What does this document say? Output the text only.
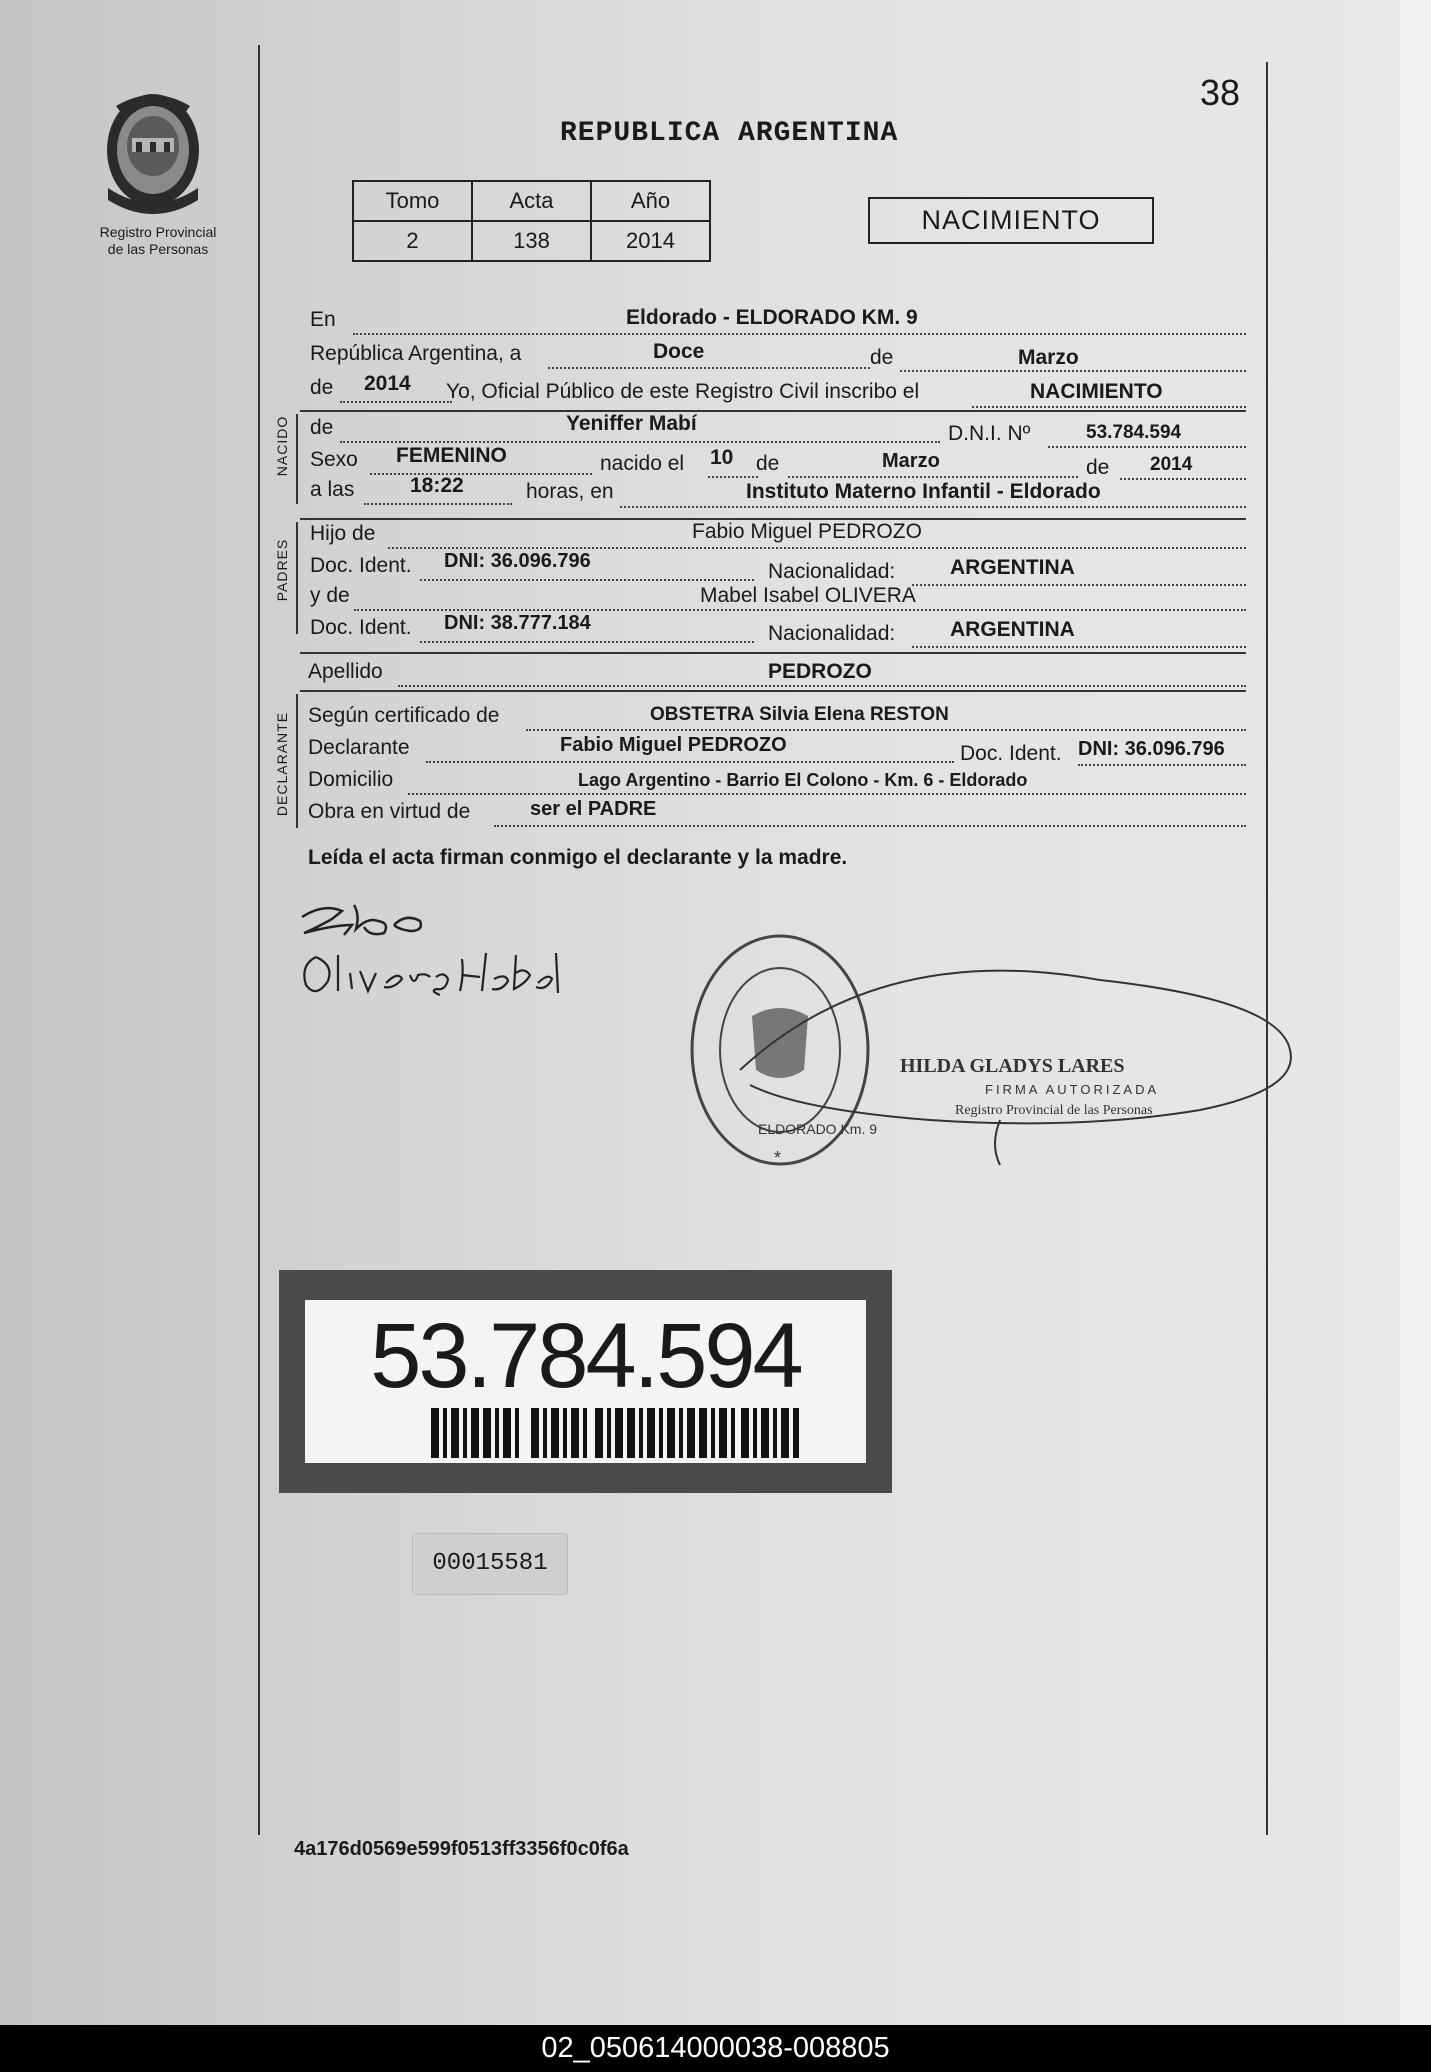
Registro Provincial
de las Personas
38
REPUBLICA ARGENTINA
Tomo	Acta	Año
2	138	2014
NACIMIENTO
En	Eldorado - ELDORADO KM. 9
República Argentina, a	Doce	de	Marzo
de 2014 Yo, Oficial Público de este Registro Civil inscribo el	NACIMIENTO
NACIDO de	Yeniffer Mabí	D.N.I. Nº	53.784.594
Sexo FEMENINO	nacido el 10 de	Marzo	de 2014
a las	18:22	horas, en	Instituto Materno Infantil - Eldorado
PADRES
Hijo de	Fabio Miguel PEDROZO
Doc. Ident. DNI: 36.096.796	Nacionalidad:	ARGENTINA
y de	Mabel Isabel OLIVERA
Doc. Ident. DNI: 38.777.184	Nacionalidad:	ARGENTINA
Apellido	PEDROZO
DECLARANTE Según certificado de	OBSTETRA Silvia Elena RESTON
Declarante	Fabio Miguel PEDROZO	Doc. Ident. DNI: 36.096.796
Domicilio	Lago Argentino - Barrio El Colono - Km. 6 - Eldorado
Obra en virtud de	ser el PADRE
Leída el acta firman conmigo el declarante y la madre.
HILDA GLADYS LARES
FIRMA AUTORIZADA
Registro Provincial de las Personas
ELDORADO Km. 9
*
53.784.594
00015581
4a176d0569e599f0513ff3356f0c0f6a
02_050614000038-008805
